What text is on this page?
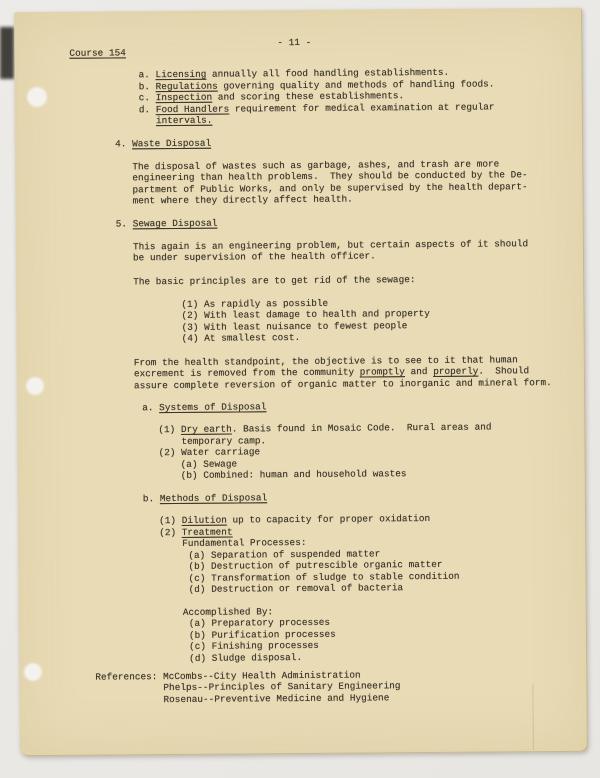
- 11 -
Course 154
a. Licensing annually all food handling establishments.
b. Regulations governing quality and methods of handling foods.
c. Inspection and scoring these establishments.
d. Food Handlers requirement for medical examination at regular
intervals.
4. Waste Disposal
The disposal of wastes such as garbage, ashes, and trash are more
engineering than health problems.  They should be conducted by the De-
partment of Public Works, and only be supervised by the health depart-
ment where they directly affect health.
5. Sewage Disposal
This again is an engineering problem, but certain aspects of it should
be under supervision of the health officer.
The basic principles are to get rid of the sewage:
(1) As rapidly as possible
(2) With least damage to health and property
(3) With least nuisance to fewest people
(4) At smallest cost.
From the health standpoint, the objective is to see to it that human
excrement is removed from the community promptly and properly.  Should
assure complete reversion of organic matter to inorganic and mineral form.
a. Systems of Disposal
(1) Dry earth. Basis found in Mosaic Code.  Rural areas and
temporary camp.
(2) Water carriage
(a) Sewage
(b) Combined: human and household wastes
b. Methods of Disposal
(1) Dilution up to capacity for proper oxidation
(2) Treatment
Fundamental Processes:
(a) Separation of suspended matter
(b) Destruction of putrescible organic matter
(c) Transformation of sludge to stable condition
(d) Destruction or removal of bacteria
Accomplished By:
(a) Preparatory processes
(b) Purification processes
(c) Finishing processes
(d) Sludge disposal.
References: McCombs--City Health Administration
Phelps--Principles of Sanitary Engineering
Rosenau--Preventive Medicine and Hygiene
